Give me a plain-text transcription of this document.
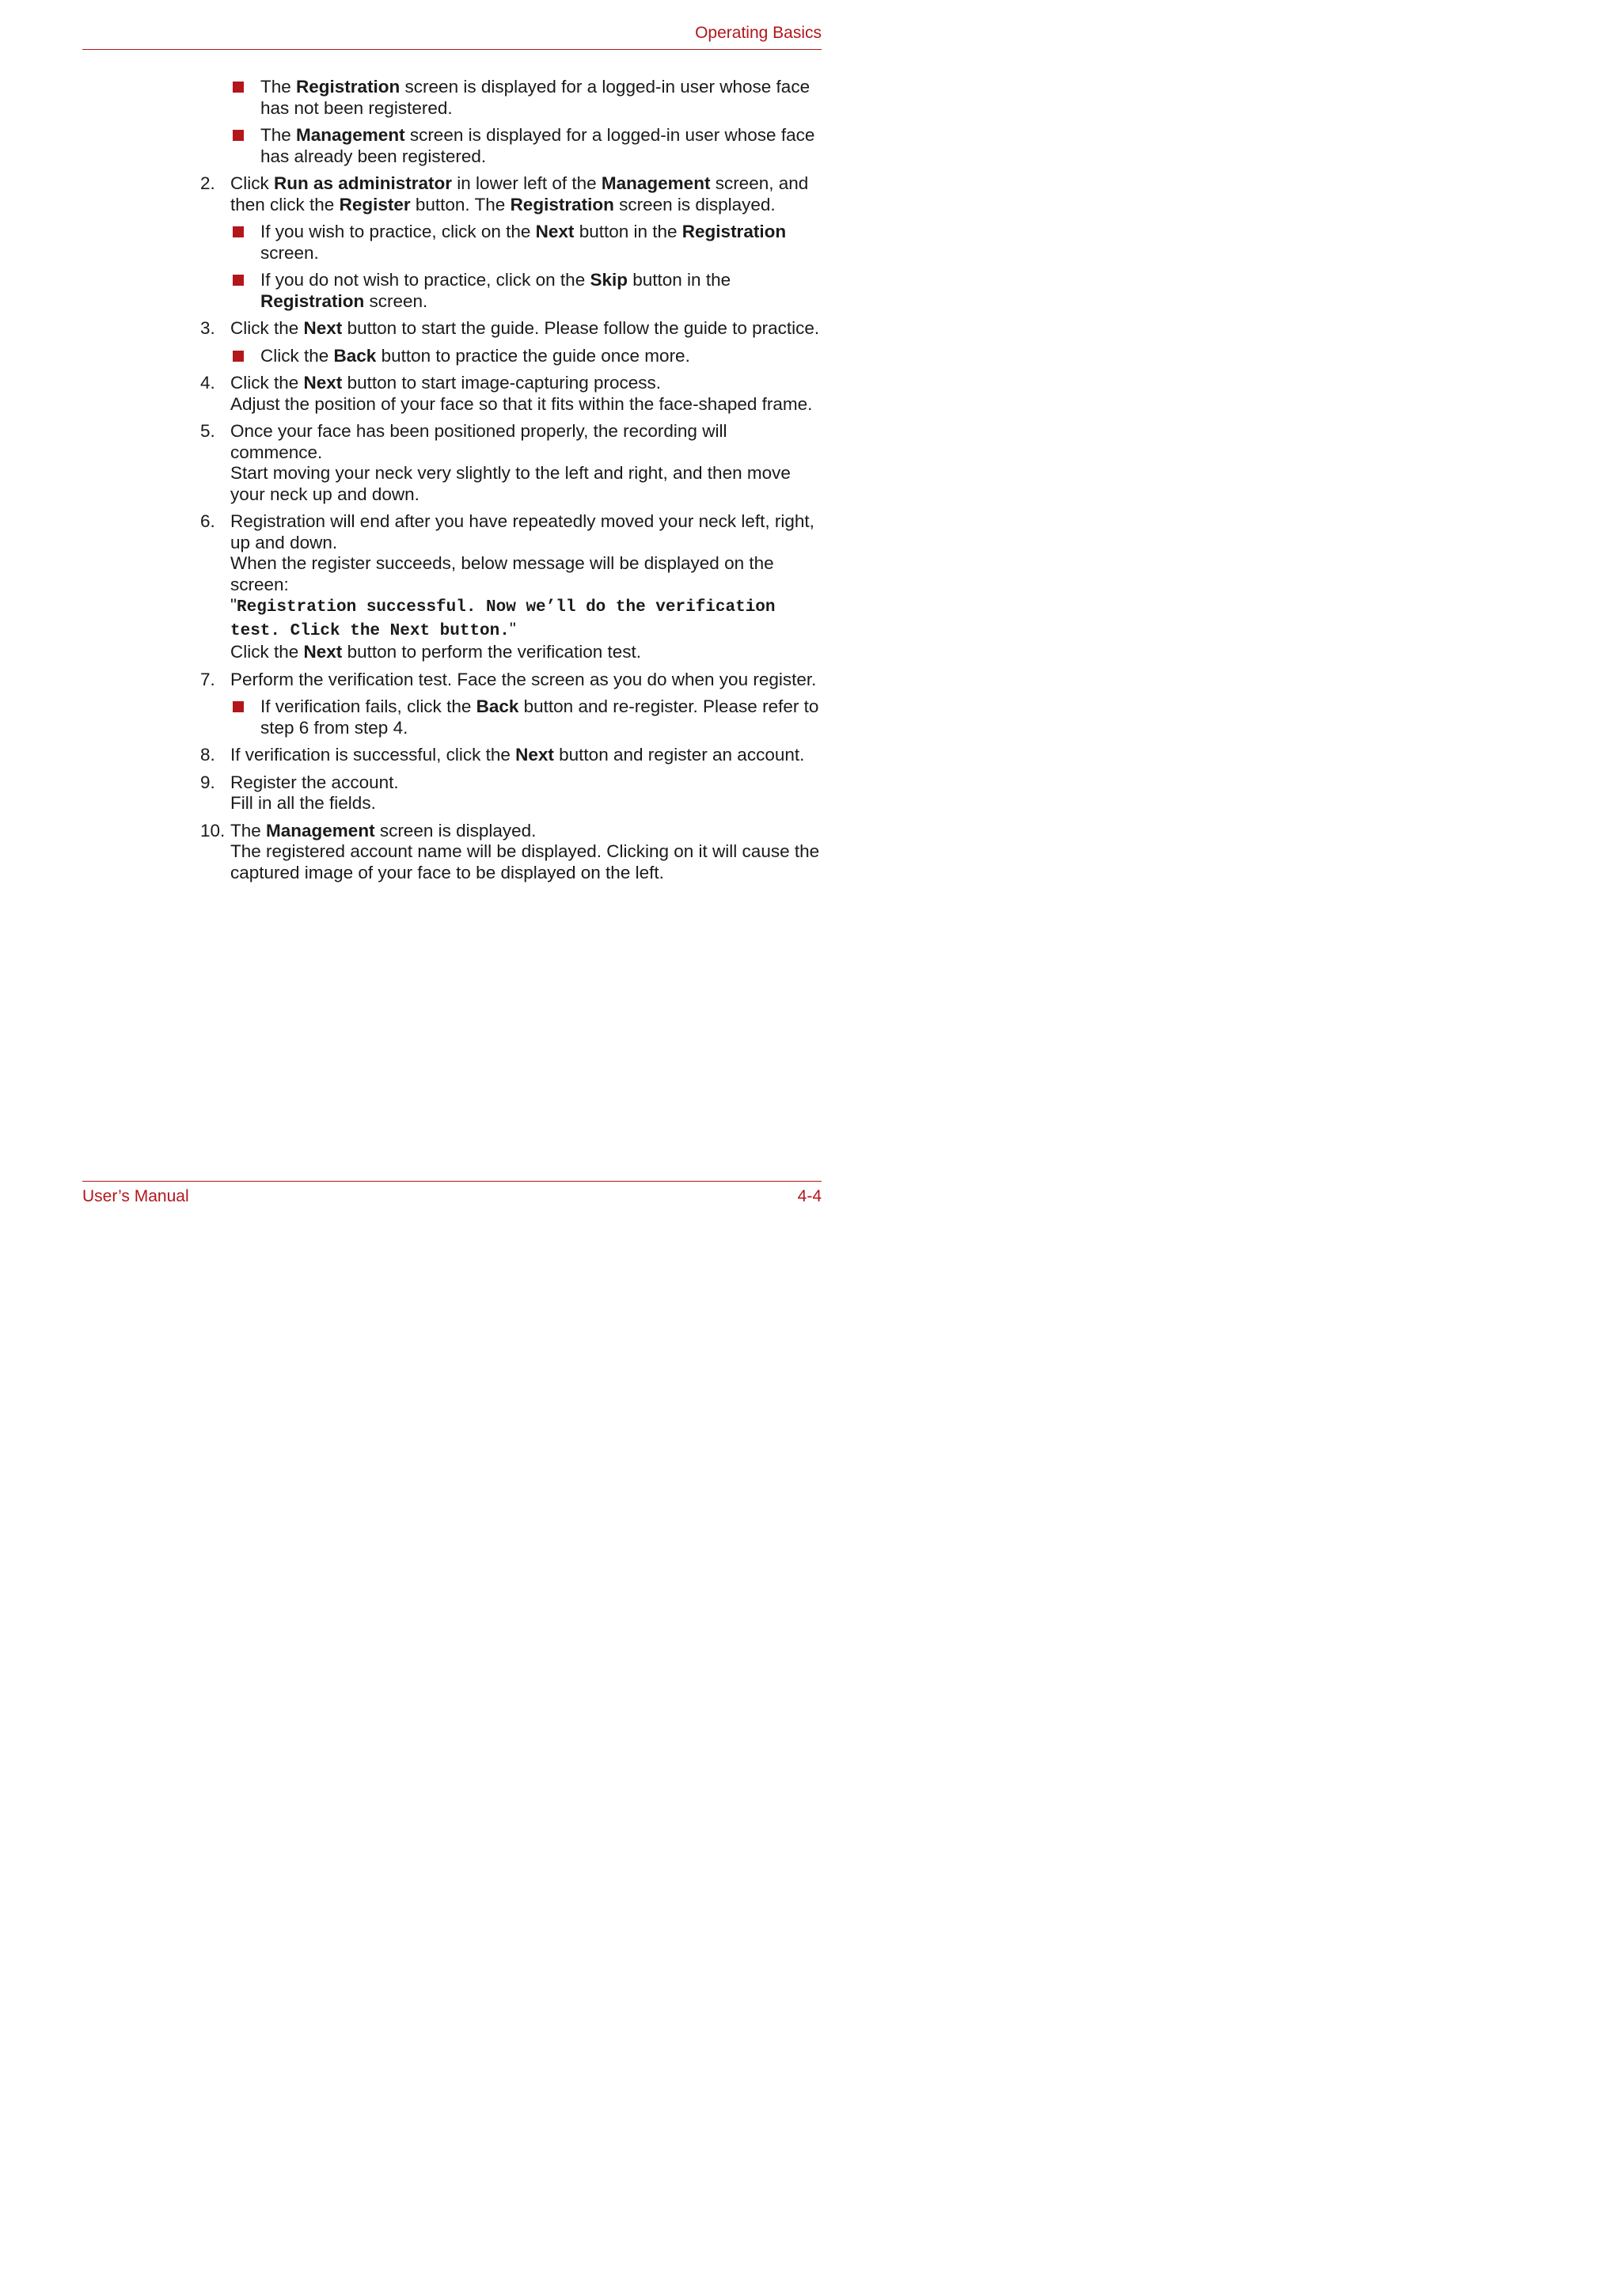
Operating Basics
The Registration screen is displayed for a logged-in user whose face has not been registered.
The Management screen is displayed for a logged-in user whose face has already been registered.
2. Click Run as administrator in lower left of the Management screen, and then click the Register button. The Registration screen is displayed.
If you wish to practice, click on the Next button in the Registration screen.
If you do not wish to practice, click on the Skip button in the Registration screen.
3. Click the Next button to start the guide. Please follow the guide to practice.
Click the Back button to practice the guide once more.
4. Click the Next button to start image-capturing process.
Adjust the position of your face so that it fits within the face-shaped frame.
5. Once your face has been positioned properly, the recording will commence.
Start moving your neck very slightly to the left and right, and then move your neck up and down.
6. Registration will end after you have repeatedly moved your neck left, right, up and down.
When the register succeeds, below message will be displayed on the screen:
"Registration successful. Now we’ll do the verification test. Click the Next button."
Click the Next button to perform the verification test.
7. Perform the verification test. Face the screen as you do when you register.
If verification fails, click the Back button and re-register. Please refer to step 6 from step 4.
8. If verification is successful, click the Next button and register an account.
9. Register the account.
Fill in all the fields.
10. The Management screen is displayed.
The registered account name will be displayed. Clicking on it will cause the captured image of your face to be displayed on the left.
User’s Manual	4-4
